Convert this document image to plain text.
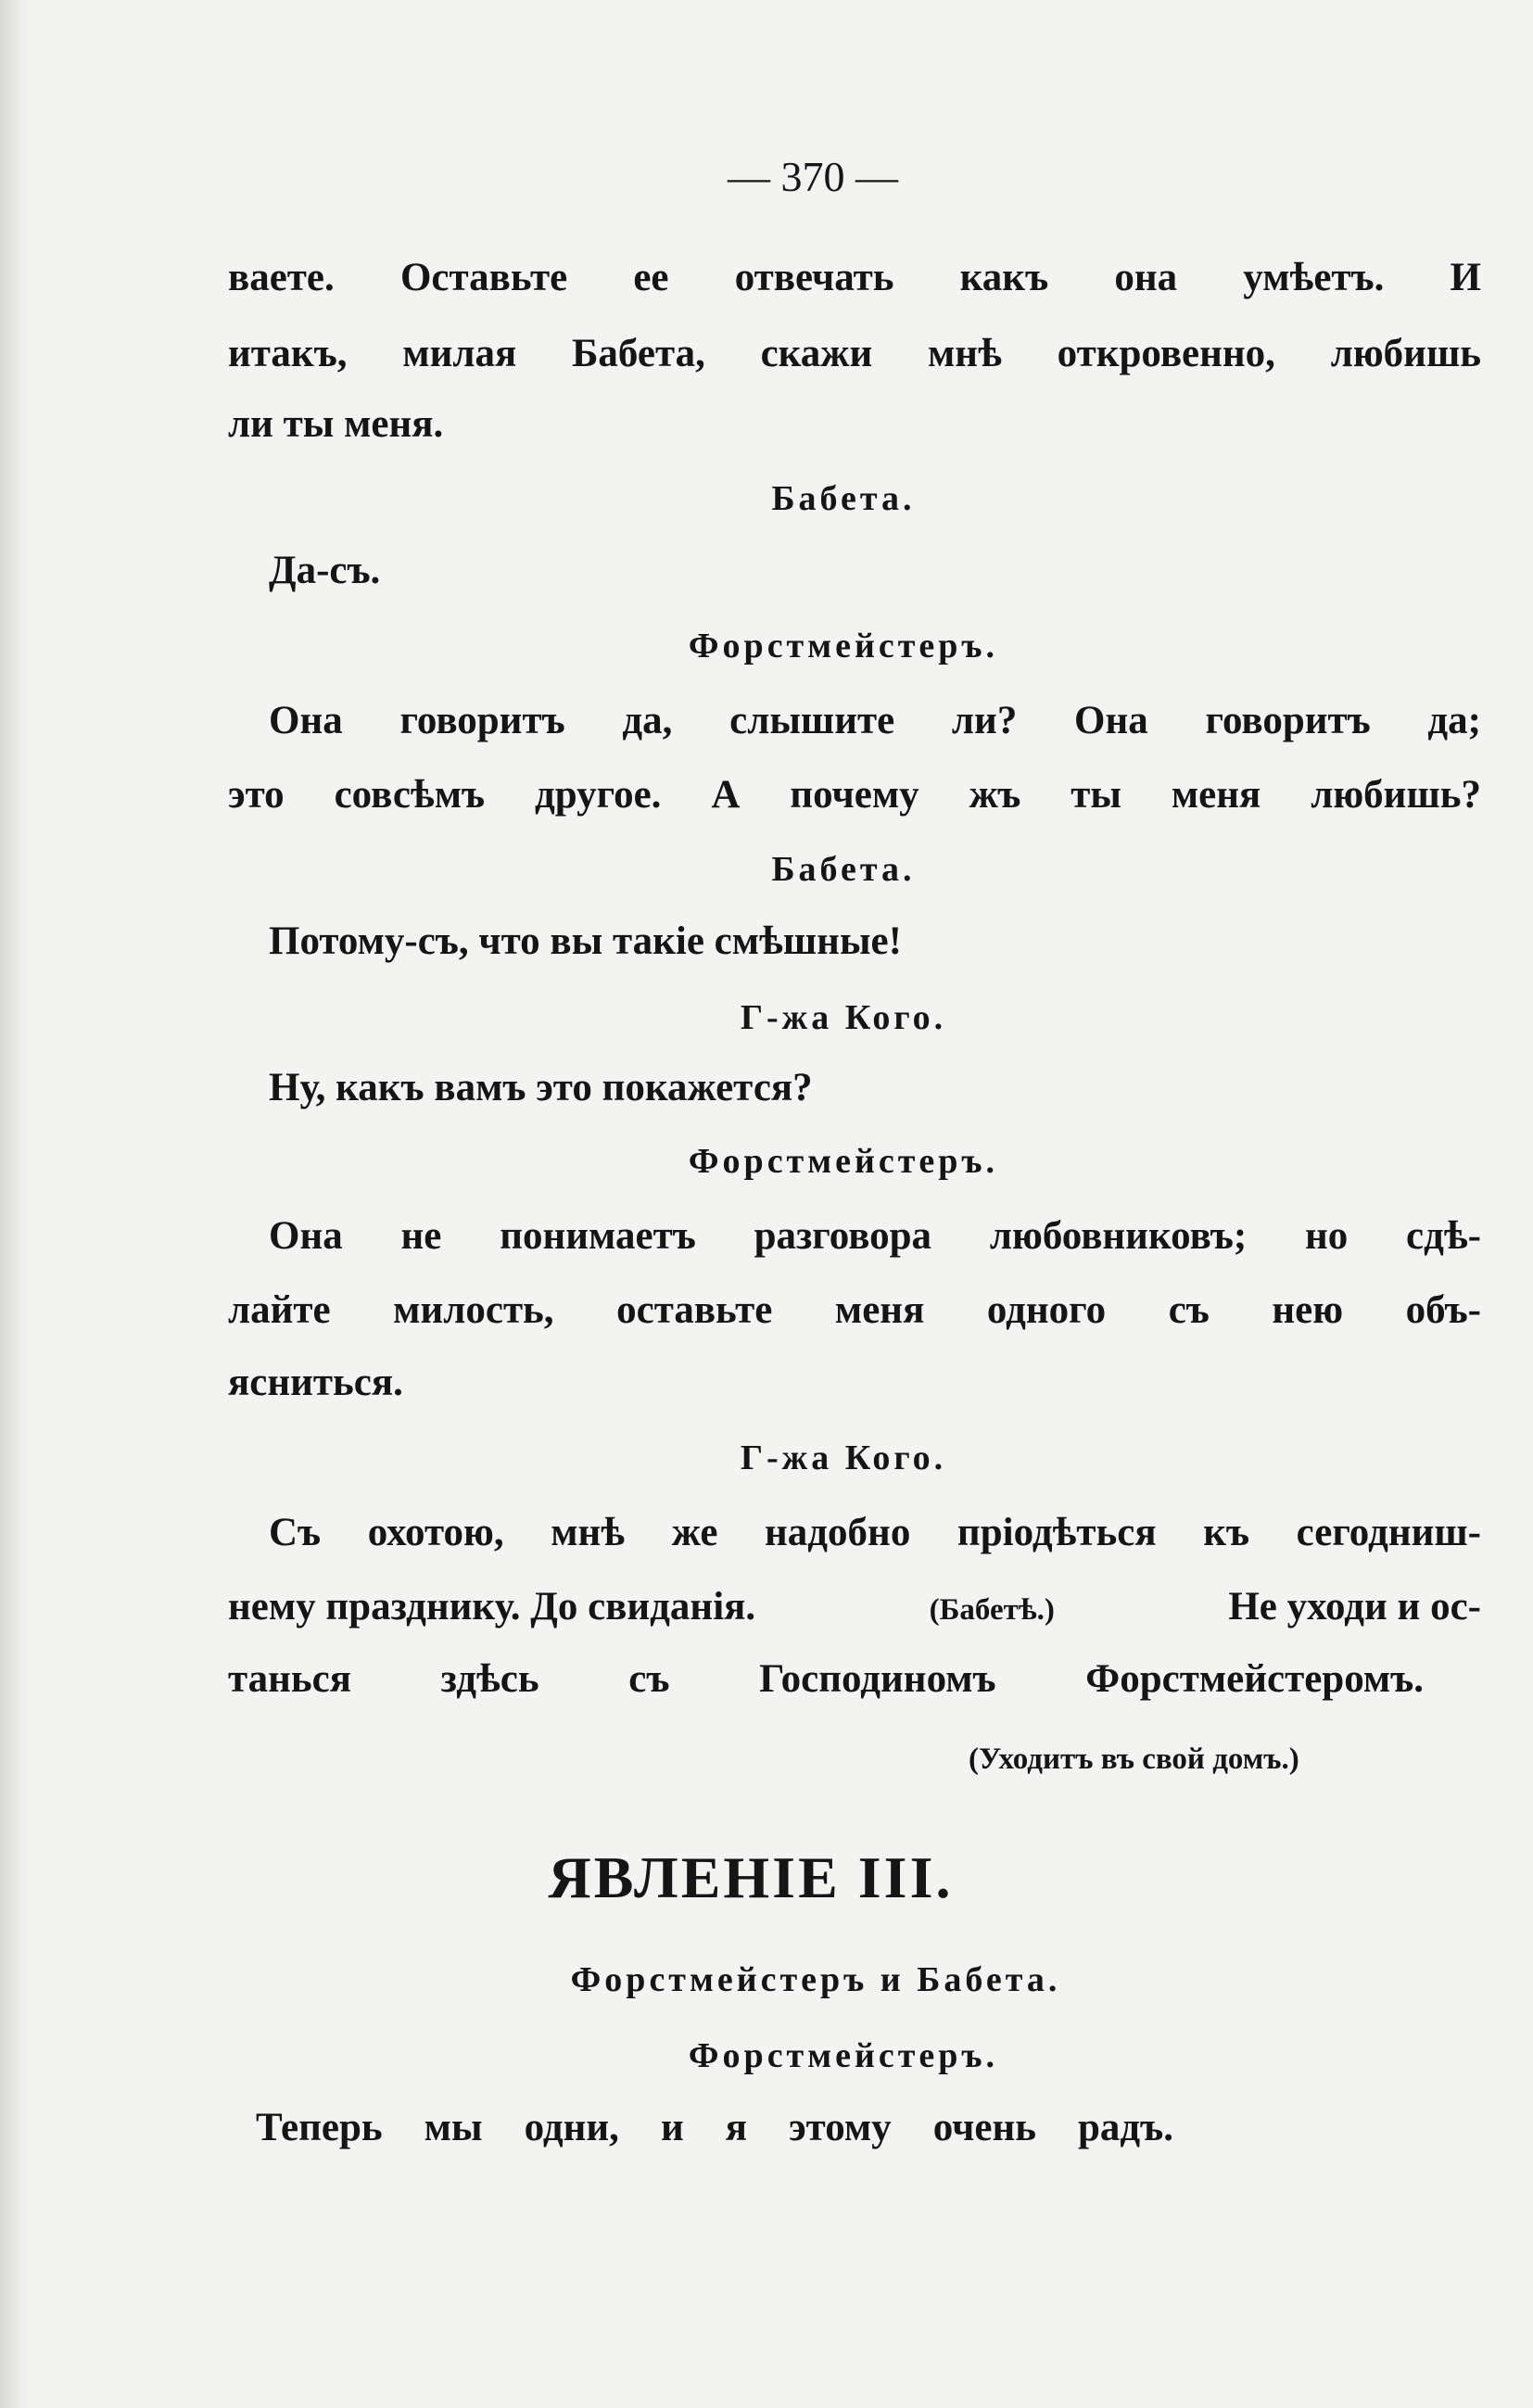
— 370 —

ваете. Оставьте ее отвечать какъ она умѣетъ. И

итакъ, милая Бабета, скажи мнѣ откровенно, любишь

ли ты меня.

Бабета.

Да-съ.

Форстмейстеръ.

Она говоритъ да, слышите ли? Она говоритъ да;

это совсѣмъ другое. А почему жъ ты меня любишь?

Бабета.

Потому-съ, что вы такіе смѣшные!

Г-жа Кого.

Ну, какъ вамъ это покажется?

Форстмейстеръ.

Она не понимаетъ разговора любовниковъ; но сдѣ-

лайте милость, оставьте меня одного съ нею объ-

ясниться.

Г-жа Кого.

Съ охотою, мнѣ же надобно пріодѣться къ сегодниш-

нему празднику. До свиданія.	(Бабетѣ.)	Не уходи и ос-

танься здѣсь съ Господиномъ Форстмейстеромъ.

(Уходитъ въ свой домъ.)

ЯВЛЕНІЕ III.

Форстмейстеръ и Бабета.

Форстмейстеръ.

Теперь мы одни, и я этому очень радъ.
